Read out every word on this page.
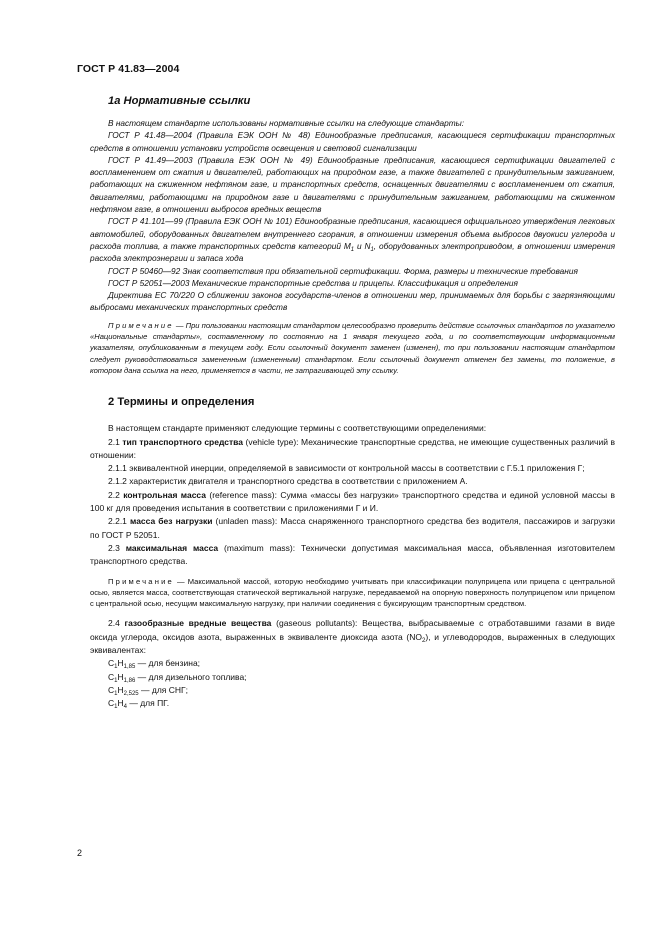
ГОСТ Р 41.83—2004
1а Нормативные ссылки

В настоящем стандарте использованы нормативные ссылки на следующие стандарты:

ГОСТ Р 41.48—2004 (Правила ЕЭК ООН № 48) Единообразные предписания, касающиеся сертификации транспортных средств в отношении установки устройств освещения и световой сигнализации

ГОСТ Р 41.49—2003 (Правила ЕЭК ООН № 49) Единообразные предписания, касающиеся сертификации двигателей с воспламенением от сжатия и двигателей, работающих на природном газе, а также двигателей с принудительным зажиганием, работающих на сжиженном нефтяном газе, и транспортных средств, оснащенных двигателями с воспламенением от сжатия, двигателями, работающими на природном газе и двигателями с принудительным зажиганием, работающими на сжиженном нефтяном газе, в отношении выбросов вредных веществ

ГОСТ Р 41.101—99 (Правила ЕЭК ООН № 101) Единообразные предписания, касающиеся официального утверждения легковых автомобилей, оборудованных двигателем внутреннего сгорания, в отношении измерения объема выбросов двуокиси углерода и расхода топлива, а также транспортных средств категорий $M_1$ и $N_1$, оборудованных электроприводом, в отношении измерения расхода электроэнергии и запаса хода

ГОСТ Р 50460—92 Знак соответствия при обязательной сертификации. Форма, размеры и технические требования

ГОСТ Р 52051—2003 Механические транспортные средства и прицепы. Классификация и определения

Директива ЕС 70/220 О сближении законов государств-членов в отношении мер, принимаемых для борьбы с загрязняющими выбросами механических транспортных средств

Примечание — При пользовании настоящим стандартом целесообразно проверить действие ссылочных стандартов по указателю «Национальные стандарты», составленному по состоянию на 1 января текущего года, и по соответствующим информационным указателям, опубликованным в текущем году. Если ссылочный документ заменен (изменен), то при пользовании настоящим стандартом следует руководствоваться замененным (измененным) стандартом. Если ссылочный документ отменен без замены, то положение, в котором дана ссылка на него, применяется в части, не затрагивающей эту ссылку.
2 Термины и определения

В настоящем стандарте применяют следующие термины с соответствующими определениями:

2.1 тип транспортного средства (vehicle type): Механические транспортные средства, не имеющие существенных различий в отношении:

2.1.1 эквивалентной инерции, определяемой в зависимости от контрольной массы в соответствии с Г.5.1 приложения Г;

2.1.2 характеристик двигателя и транспортного средства в соответствии с приложением А.

2.2 контрольная масса (reference mass): Сумма «массы без нагрузки» транспортного средства и единой условной массы в 100 кг для проведения испытания в соответствии с приложениями Г и И.

2.2.1 масса без нагрузки (unladen mass): Масса снаряженного транспортного средства без водителя, пассажиров и загрузки по ГОСТ Р 52051.

2.3 максимальная масса (maximum mass): Технически допустимая максимальная масса, объявленная изготовителем транспортного средства.

Примечание — Максимальной массой, которую необходимо учитывать при классификации полуприцепа или прицепа с центральной осью, является масса, соответствующая статической вертикальной нагрузке, передаваемой на опорную поверхность полуприцепом или прицепом с центральной осью, несущим максимальную нагрузку, при наличии соединения с буксирующим транспортным средством.

2.4 газообразные вредные вещества (gaseous pollutants): Вещества, выбрасываемые с отработавшими газами в виде оксида углерода, оксидов азота, выраженных в эквиваленте диоксида азота $(NO_2)$, и углеводородов, выраженных в следующих эквивалентах:

$C_1H_{1,85}$ — для бензина;
$C_1H_{1,86}$ — для дизельного топлива;
$C_1H_{2,525}$ — для СНГ;
$C_1H_4$ — для ПГ.
2
